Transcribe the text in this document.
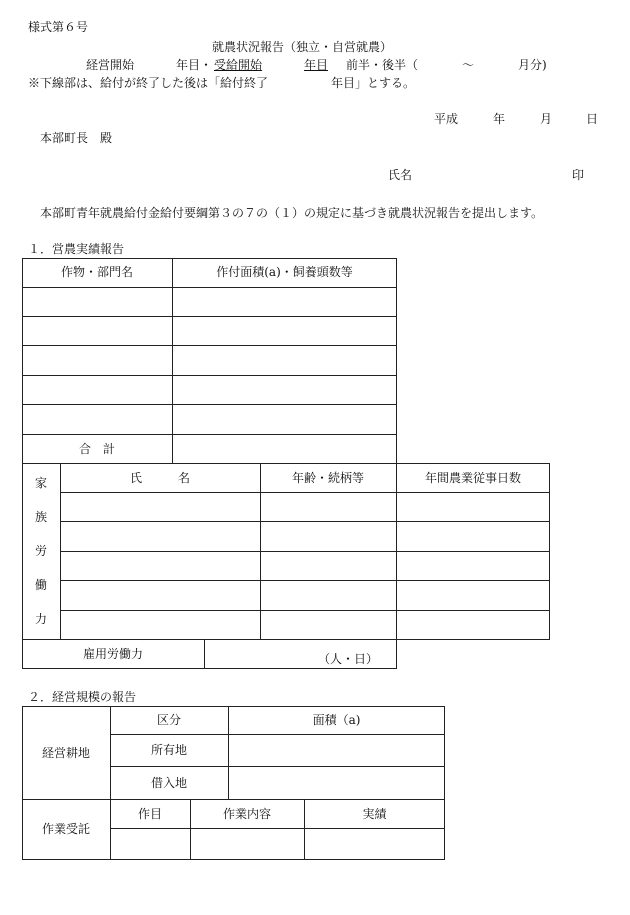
様式第６号
就農状況報告（独立・自営就農）
経営開始	年目・ 受給開始	年目 前半・後半（	～	月分)
※下線部は、給付が終了した後は「給付終了	年目」とする。
平成	年	月	日
本部町長　殿
氏名	印
本部町青年就農給付金給付要綱第３の７の（１）の規定に基づき就農状況報告を提出します。
１．営農実績報告
作物・部門名	作付面積(a)・飼養頭数等
合　計
家
族
労
働
力
氏　　　名	年齢・続柄等	年間農業従事日数
雇用労働力	（人・日）
２．経営規模の報告
経営耕地
区分	面積（a)
所有地
借入地
作業受託
作目	作業内容	実績
